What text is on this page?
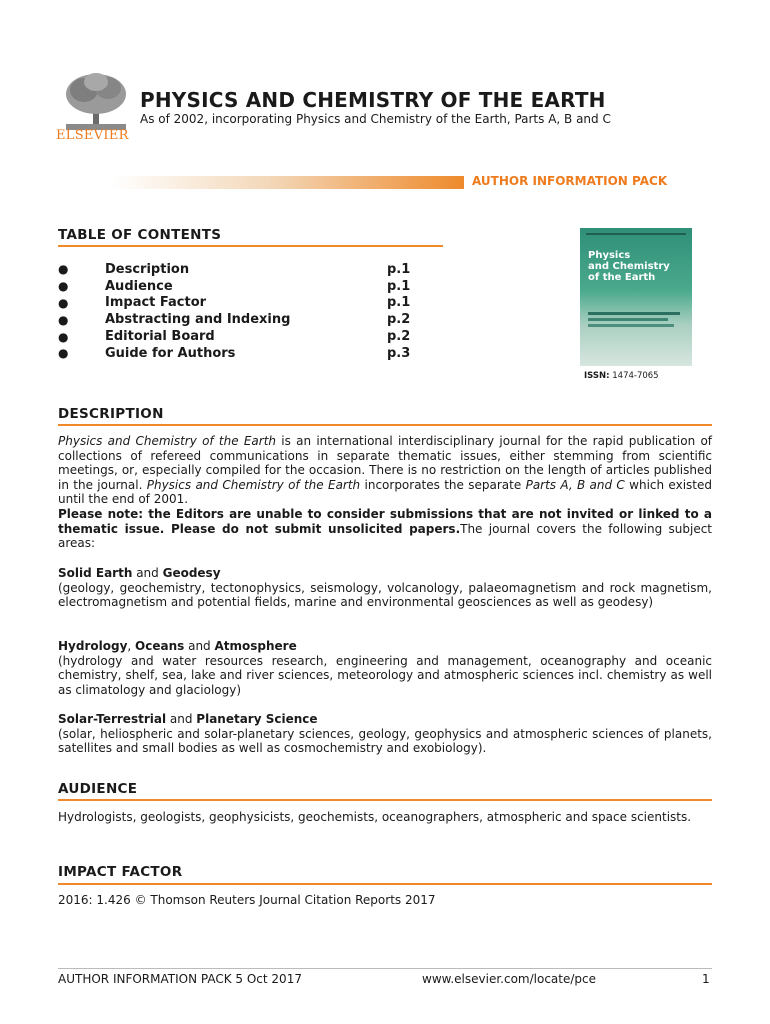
ELSEVIER
PHYSICS AND CHEMISTRY OF THE EARTH
As of 2002, incorporating Physics and Chemistry of the Earth, Parts A, B and C
AUTHOR INFORMATION PACK
TABLE OF CONTENTS
●	Description	p.1
●	Audience	p.1
●	Impact Factor	p.1
●	Abstracting and Indexing	p.2
●	Editorial Board	p.2
●	Guide for Authors	p.3
Physics
and Chemistry
of the Earth
ISSN: 1474-7065
DESCRIPTION

Physics and Chemistry of the Earth is an international interdisciplinary journal for the rapid publication of collections of refereed communications in separate thematic issues, either stemming from scientific meetings, or, especially compiled for the occasion. There is no restriction on the length of articles published in the journal. Physics and Chemistry of the Earth incorporates the separate Parts A, B and C which existed until the end of 2001.
Please note: the Editors are unable to consider submissions that are not invited or linked to a thematic issue. Please do not submit unsolicited papers.The journal covers the following subject areas:

Solid Earth and Geodesy
(geology, geochemistry, tectonophysics, seismology, volcanology, palaeomagnetism and rock magnetism, electromagnetism and potential fields, marine and environmental geosciences as well as geodesy)

Hydrology, Oceans and Atmosphere
(hydrology and water resources research, engineering and management, oceanography and oceanic chemistry, shelf, sea, lake and river sciences, meteorology and atmospheric sciences incl. chemistry as well as climatology and glaciology)

Solar-Terrestrial and Planetary Science
(solar, heliospheric and solar-planetary sciences, geology, geophysics and atmospheric sciences of planets, satellites and small bodies as well as cosmochemistry and exobiology).

AUDIENCE

Hydrologists, geologists, geophysicists, geochemists, oceanographers, atmospheric and space scientists.

IMPACT FACTOR

2016: 1.426 © Thomson Reuters Journal Citation Reports 2017

AUTHOR INFORMATION PACK 5 Oct 2017	www.elsevier.com/locate/pce	1
